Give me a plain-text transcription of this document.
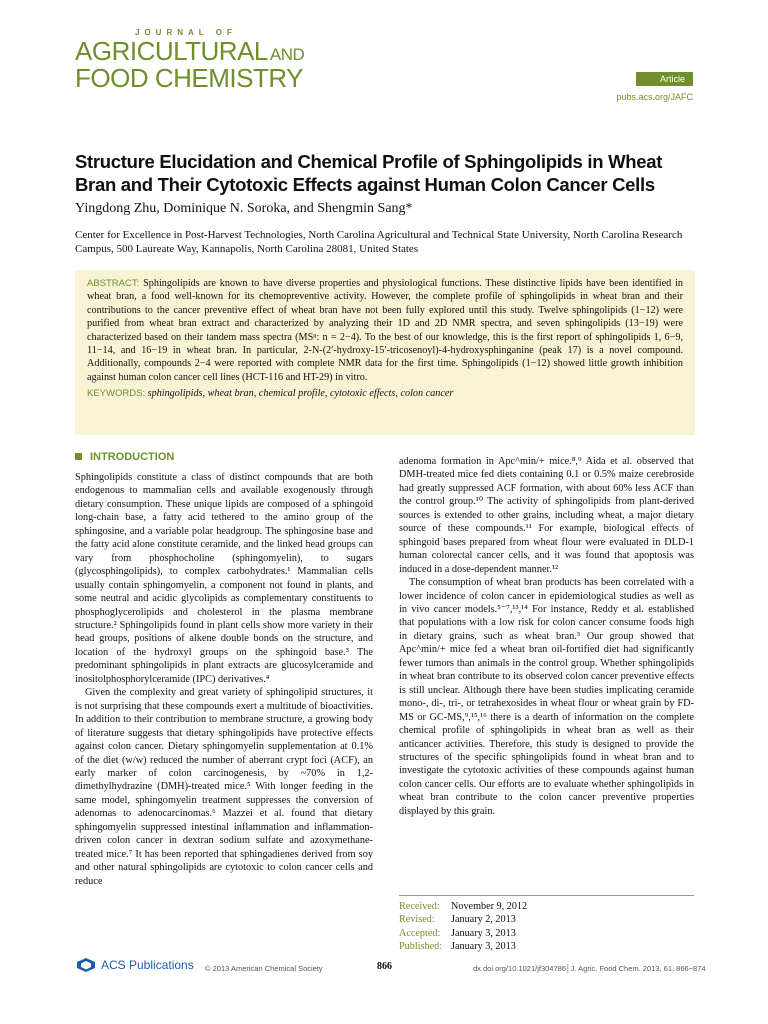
JOURNAL OF
AGRICULTURAL AND
FOOD CHEMISTRY	Article
pubs.acs.org/JAFC
Structure Elucidation and Chemical Profile of Sphingolipids in Wheat Bran and Their Cytotoxic Effects against Human Colon Cancer Cells
Yingdong Zhu, Dominique N. Soroka, and Shengmin Sang*
Center for Excellence in Post-Harvest Technologies, North Carolina Agricultural and Technical State University, North Carolina Research Campus, 500 Laureate Way, Kannapolis, North Carolina 28081, United States
ABSTRACT: Sphingolipids are known to have diverse properties and physiological functions. These distinctive lipids have been identified in wheat bran, a food well-known for its chemopreventive activity. However, the complete profile of sphingolipids in wheat bran and their contributions to the cancer preventive effect of wheat bran have not been fully explored until this study. Twelve sphingolipids (1−12) were purified from wheat bran extract and characterized by analyzing their 1D and 2D NMR spectra, and seven sphingolipids (13−19) were characterized based on their tandem mass spectra (MSⁿ: n = 2−4). To the best of our knowledge, this is the first report of sphingolipids 1, 6−9, 11−14, and 16−19 in wheat bran. In particular, 2-N-(2′-hydroxy-15′-tricosenoyl)-4-hydroxysphinganine (peak 17) is a novel compound. Additionally, compounds 2−4 were reported with complete NMR data for the first time. Sphingolipids (1−12) showed little growth inhibition against human colon cancer cell lines (HCT-116 and HT-29) in vitro.
KEYWORDS: sphingolipids, wheat bran, chemical profile, cytotoxic effects, colon cancer
INTRODUCTION

Sphingolipids constitute a class of distinct compounds that are both endogenous to mammalian cells and available exogenously through dietary consumption. These unique lipids are composed of a sphingoid long-chain base, a fatty acid tethered to the amino group of the sphingosine, and a variable polar headgroup. The sphingosine base and the fatty acid alone constitute ceramide, and the linked head groups can vary from phosphocholine (sphingomyelin), to sugars (glycosphingolipids), to complex carbohydrates.¹ Mammalian cells usually contain sphingomyelin, a component not found in plants, and some neutral and acidic glycolipids as complementary constituents to phosphoglycerolipids and cholesterol in the plasma membrane structure.² Sphingolipids found in plant cells show more variety in their head groups, positions of alkene double bonds on the structure, and location of the hydroxyl groups on the sphingoid base.³ The predominant sphingolipids in plant extracts are glucosylceramide and inositolphosphorylceramide (IPC) derivatives.⁴

Given the complexity and great variety of sphingolipid structures, it is not surprising that these compounds exert a multitude of bioactivities. In addition to their contribution to membrane structure, a growing body of literature suggests that dietary sphingolipids have protective effects against colon cancer. Dietary sphingomyelin supplementation at 0.1% of the diet (w/w) reduced the number of aberrant crypt foci (ACF), an early marker of colon carcinogenesis, by ~70% in 1,2-dimethylhydrazine (DMH)-treated mice.⁵ With longer feeding in the same model, sphingomyelin treatment suppresses the conversion of adenomas to adenocarcinomas.⁶ Mazzei et al. found that dietary sphingomyelin suppressed intestinal inflammation and inflammation-driven colon cancer in dextran sodium sulfate and azoxymethane-treated mice.⁷ It has been reported that sphingadienes derived from soy and other natural sphingolipids are cytotoxic to colon cancer cells and reduce

adenoma formation in Apc^min/+ mice.⁸,⁹ Aida et al. observed that DMH-treated mice fed diets containing 0.1 or 0.5% maize cerebroside had greatly suppressed ACF formation, with about 60% less ACF than the control group.¹⁰ The activity of sphingolipids from plant-derived sources is extended to other grains, including wheat, a major dietary source of these compounds.¹¹ For example, biological effects of sphingoid bases prepared from wheat flour were evaluated in DLD-1 human colorectal cancer cells, and it was found that apoptosis was induced in a dose-dependent manner.¹²

The consumption of wheat bran products has been correlated with a lower incidence of colon cancer in epidemiological studies as well as in vivo cancer models.⁵⁻⁷,¹³,¹⁴ For instance, Reddy et al. established that populations with a low risk for colon cancer consume foods high in dietary grains, such as wheat bran.³ Our group showed that Apc^min/+ mice fed a wheat bran oil-fortified diet had significantly fewer tumors than animals in the control group. Whether sphingolipids in wheat bran contribute to its observed colon cancer preventive effects is still unclear. Although there have been studies implicating ceramide mono-, di-, tri-, or tetrahexosides in wheat flour or wheat grain by FD-MS or GC-MS,⁹,¹⁵,¹⁶ there is a dearth of information on the complete chemical profile of sphingolipids in wheat bran as well as their anticancer activities. Therefore, this study is designed to provide the structures of the specific sphingolipids found in wheat bran and to investigate the cytotoxic activities of these compounds against human colon cancer cells. Our efforts are to evaluate whether sphingolipids in wheat bran contribute to the colon cancer preventive properties displayed by this grain.

Received:	November 9, 2012
Revised:	January 2, 2013
Accepted:	January 3, 2013
Published: January 3, 2013
ACS Publications © 2013 American Chemical Society	866	dx.doi.org/10.1021/jf304786│J. Agric. Food Chem. 2013, 61, 866−874
